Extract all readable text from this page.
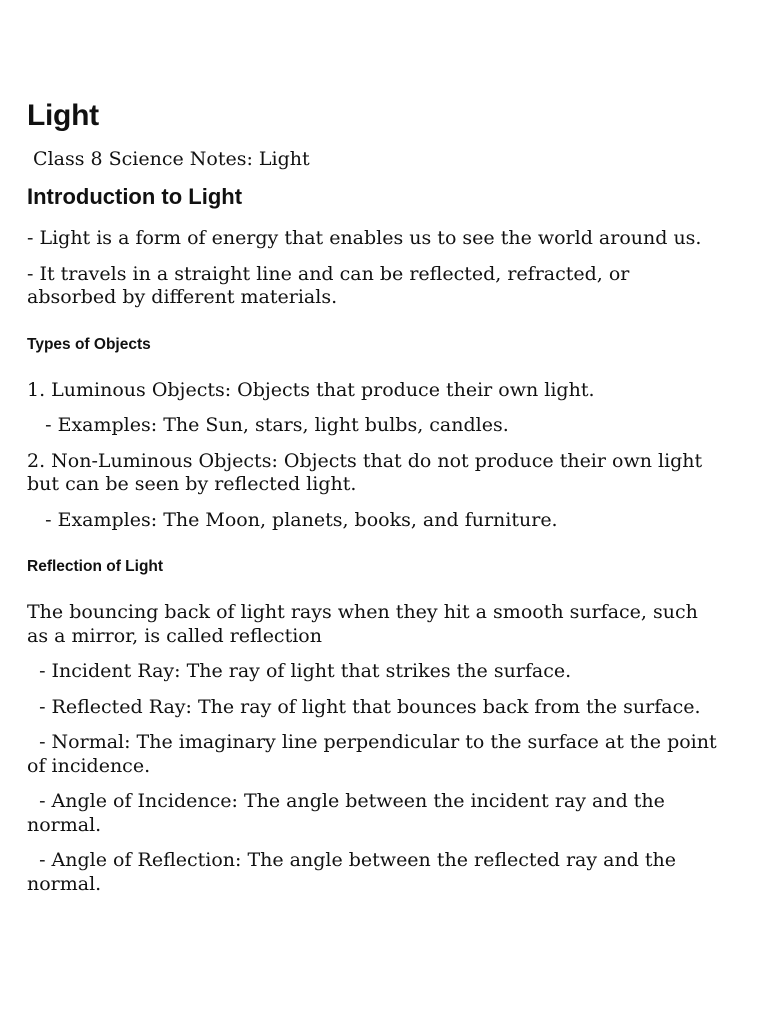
Light
Class 8 Science Notes: Light
Introduction to Light

- Light is a form of energy that enables us to see the world around us.

- It travels in a straight line and can be reflected, refracted, or absorbed by different materials.

Types of Objects

1. Luminous Objects: Objects that produce their own light.

- Examples: The Sun, stars, light bulbs, candles.

2. Non-Luminous Objects: Objects that do not produce their own light but can be seen by reflected light.

- Examples: The Moon, planets, books, and furniture.

Reflection of Light

The bouncing back of light rays when they hit a smooth surface, such as a mirror, is called reflection

- Incident Ray: The ray of light that strikes the surface.

- Reflected Ray: The ray of light that bounces back from the surface.

- Normal: The imaginary line perpendicular to the surface at the point of incidence.

- Angle of Incidence: The angle between the incident ray and the normal.

- Angle of Reflection: The angle between the reflected ray and the normal.
